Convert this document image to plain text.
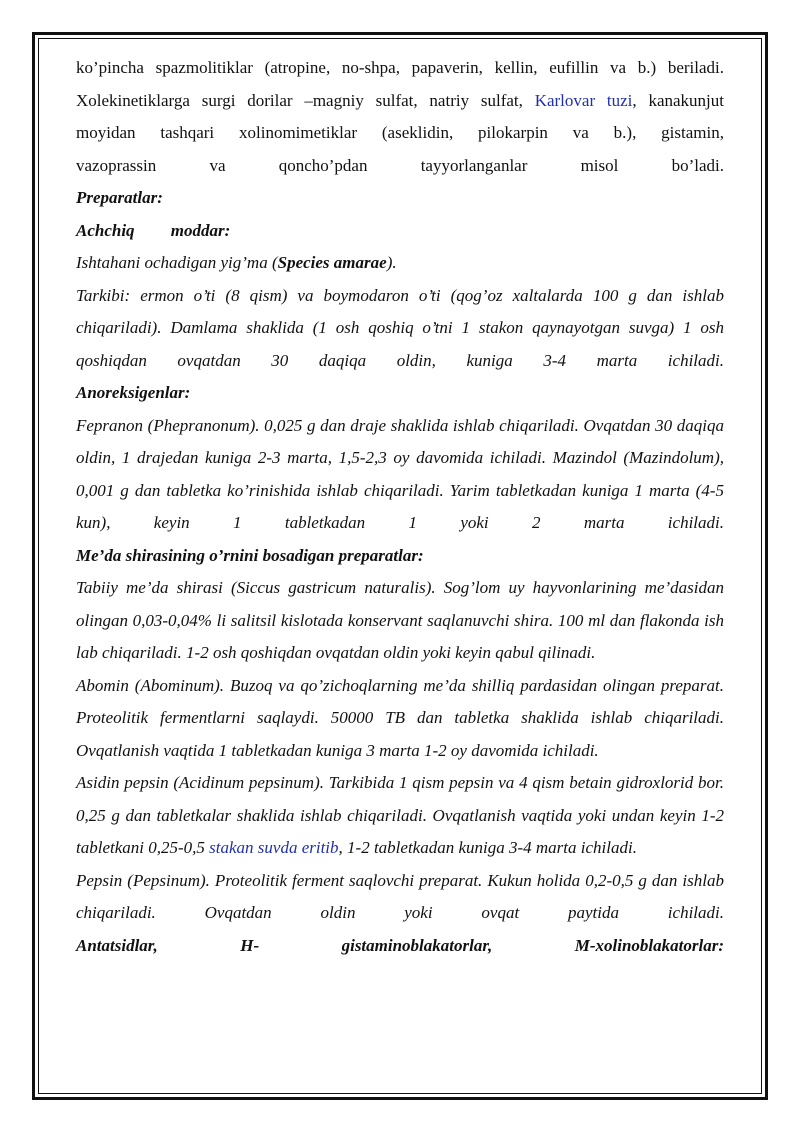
ko’pincha spazmolitiklar (atropine, no-shpa, papaverin, kellin, eufillin va b.) beriladi.
Xolekinetiklarga surgi dorilar –magniy sulfat, natriy sulfat, Karlovar tuzi, kanakunjut
moyidan tashqari xolinomimetiklar (aseklidin, pilokarpin va b.), gistamin,
vazoprassin va qoncho’pdan tayyorlanganlar misol bo’ladi.

Preparatlar:

Achchiq moddar:

Ishtahani ochadigan yig’ma (Species amarae).

Tarkibi: ermon o’ti (8 qism) va boymodaron o’ti (qog’oz xaltalarda 100 g dan ishlab chiqariladi). Damlama shaklida (1 osh qoshiq o’tni 1 stakon qaynayotgan suvga) 1 osh qoshiqdan ovqatdan 30 daqiqa oldin, kuniga 3-4 marta ichiladi.

Anoreksigenlar:

Fepranon (Phepranonum). 0,025 g dan draje shaklida ishlab chiqariladi. Ovqatdan 30 daqiqa oldin, 1 drajedan kuniga 2-3 marta, 1,5-2,3 oy davomida ichiladi. Mazindol (Mazindolum), 0,001 g dan tabletka ko’rinishida ishlab chiqariladi. Yarim tabletkadan kuniga 1 marta (4-5 kun), keyin 1 tabletkadan 1 yoki 2 marta ichiladi.

Me’da shirasining o’rnini bosadigan preparatlar:

Tabiiy me’da shirasi (Siccus gastricum naturalis). Sog’lom uy hayvonlarining me’dasidan olingan 0,03-0,04% li salitsil kislotada konservant saqlanuvchi shira. 100 ml dan flakonda ish lab chiqariladi. 1-2 osh qoshiqdan ovqatdan oldin yoki keyin qabul qilinadi.

Abomin (Abominum). Buzoq va qo’zichoqlarning me’da shilliq pardasidan olingan preparat. Proteolitik fermentlarni saqlaydi. 50000 TB dan tabletka shaklida ishlab chiqariladi. Ovqatlanish vaqtida 1 tabletkadan kuniga 3 marta 1-2 oy davomida ichiladi.

Asidin pepsin (Acidinum pepsinum). Tarkibida 1 qism pepsin va 4 qism betain gidroxlorid bor. 0,25 g dan tabletkalar shaklida ishlab chiqariladi. Ovqatlanish vaqtida yoki undan keyin 1-2 tabletkani 0,25-0,5 stakan suvda eritib, 1-2 tabletkadan kuniga 3-4 marta ichiladi.

Pepsin (Pepsinum). Proteolitik ferment saqlovchi preparat. Kukun holida 0,2-0,5 g dan ishlab chiqariladi. Ovqatdan oldin yoki ovqat paytida ichiladi.

Antatsidlar, H- gistaminoblakatorlar, M-xolinoblakatorlar:
